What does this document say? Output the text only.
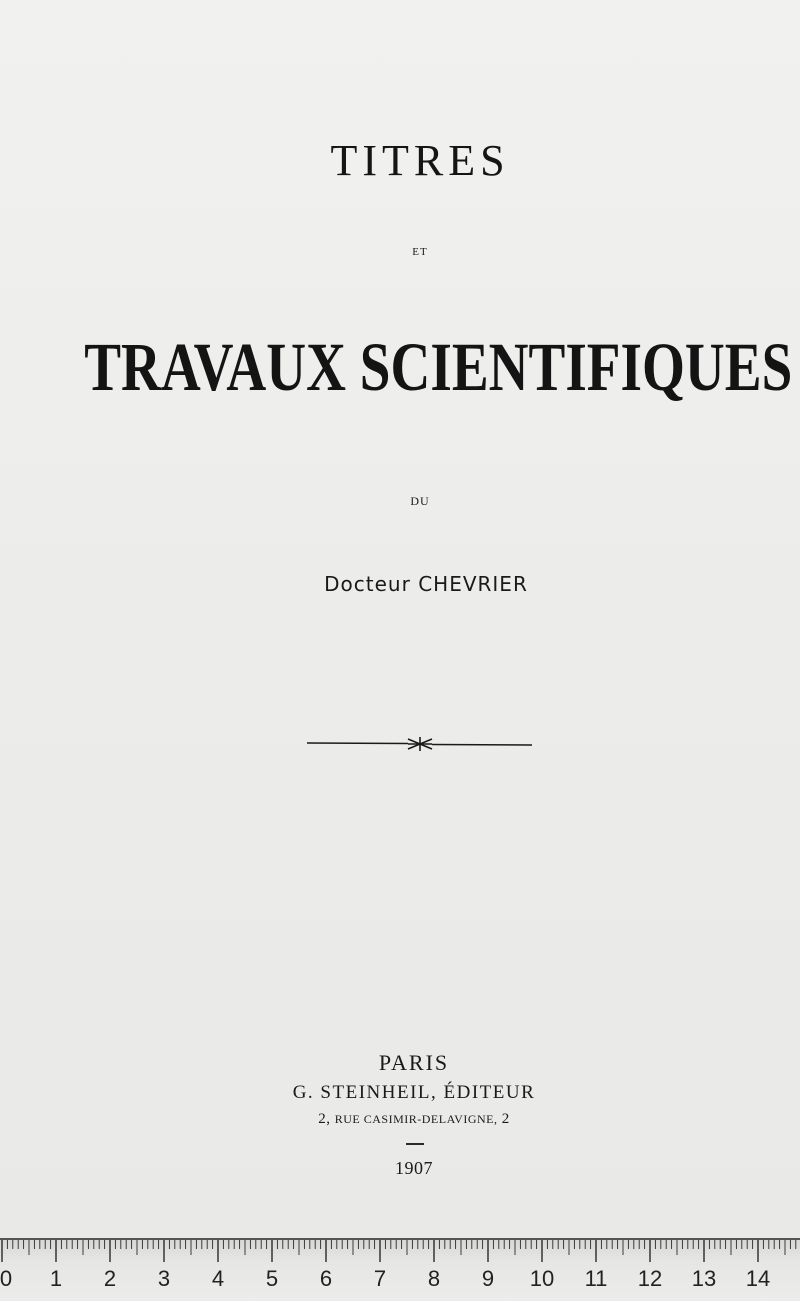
TITRES
ET
TRAVAUX SCIENTIFIQUES
DU
Docteur CHEVRIER
PARIS
G. STEINHEIL, ÉDITEUR
2, RUE CASIMIR-DELAVIGNE, 2
1907
0 1 2 3 4 5 6 7 8 9 10 11 12 13 14
